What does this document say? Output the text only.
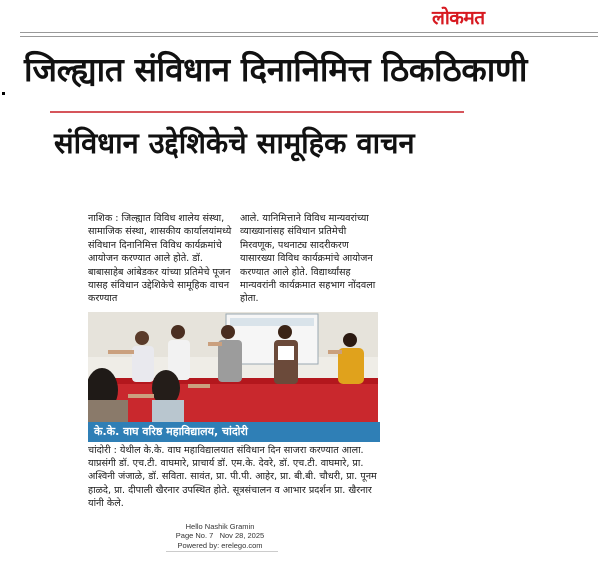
लोकमत
जिल्ह्यात संविधान दिनानिमित्त ठिकठिकाणी
संविधान उद्देशिकेचे सामूहिक वाचन

नाशिक : जिल्ह्यात विविध शालेय संस्था, सामाजिक संस्था, शासकीय कार्यालयांमध्ये संविधान दिनानिमित्त विविध कार्यक्रमांचे आयोजन करण्यात आले होते. डॉ. बाबासाहेब आंबेडकर यांच्या प्रतिमेचे पूजन यासह संविधान उद्देशिकेचे सामूहिक वाचन करण्यात

आले. यानिमित्ताने विविध मान्यवरांच्या व्याख्यानांसह संविधान प्रतिमेची मिरवणूक, पथनाट्य सादरीकरण यासारख्या विविध कार्यक्रमांचे आयोजन करण्यात आले होते. विद्यार्थ्यांसह मान्यवरांनी कार्यक्रमात सहभाग नोंदवला होता.

के.के. वाघ वरिष्ठ महाविद्यालय, चांदोरी
चांदोरी : येथील के.के. वाघ महाविद्यालयात संविधान दिन साजरा करण्यात आला. याप्रसंगी डॉ. एच.टी. वाघमारे, प्राचार्य डॉ. एम.के. देवरे, डॉ. एच.टी. वाघमारे, प्रा. अश्विनी जंजाळे, डॉ. सविता. सावंत, प्रा. पी.पी. आहेर, प्रा. बी.बी. चौधरी, प्रा. पूनम हाळदे, प्रा. दीपाली खैरनार उपस्थित होते. सूत्रसंचालन व आभार प्रदर्शन प्रा. खैरनार यांनी केले.
Hello Nashik Gramin
Page No. 7 Nov 28, 2025
Powered by: erelego.com
